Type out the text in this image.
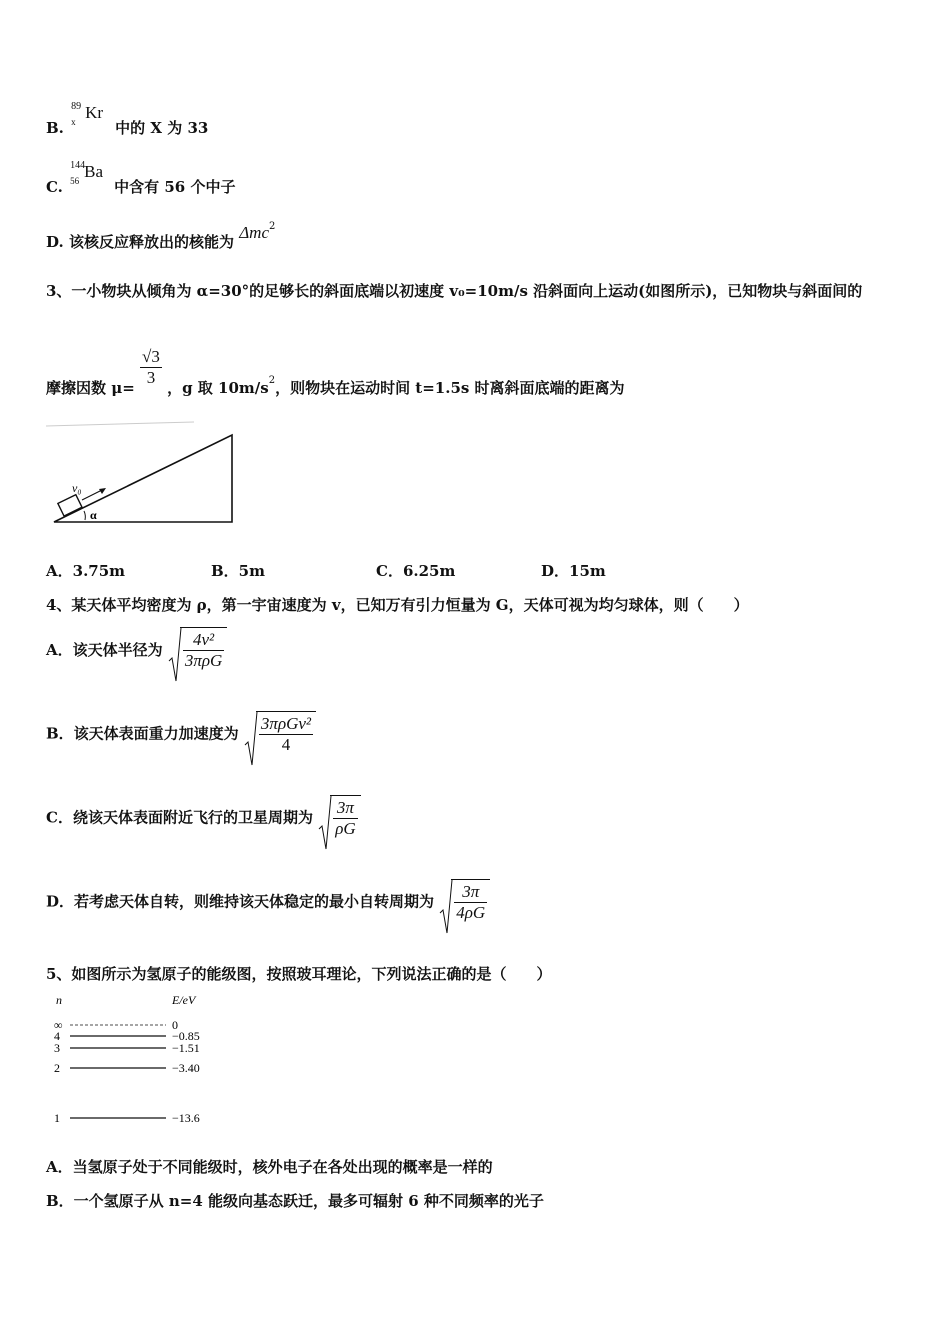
B.
89
x Kr
中的 X 为 33
C.
144
56 Ba
中含有 56 个中子
D. 该核反应释放出的核能为 Δmc$^2$
3、一小物块从倾角为 α=30°的足够长的斜面底端以初速度 v₀=10m/s 沿斜面向上运动(如图所示)，已知物块与斜面间的
摩擦因数 $\mu= \frac{√3}{3}$ ，g 取 $10m/s_2$，则物块在运动时间 t=1.5s 时离斜面底端的距离为
v₀
α
A．3.75m	B．5m	C．6.25m	D．15m
4、某天体平均密度为 ρ，第一宇宙速度为 v，已知万有引力恒量为 G，天体可视为均匀球体，则（　　）
A．该天体半径为 $\frac{\text{4v²}}{\text{3πρG}}$
B．该天体表面重力加速度为 $\frac{\text{3πρGv²}}{4}$
C．绕该天体表面附近飞行的卫星周期为 $\frac{3\pi}{\rho G}$
D．若考虑天体自转，则维持该天体稳定的最小自转周期为 $\frac{3\pi}{4\rho G}$
5、如图所示为氢原子的能级图，按照玻耳理论，下列说法正确的是（　　）
n	E/eV
∞	0
4	−0.85
3	−1.51
2	−3.40
1	−13.6
A．当氢原子处于不同能级时，核外电子在各处出现的概率是一样的
B．一个氢原子从 n=4 能级向基态跃迁，最多可辐射 6 种不同频率的光子
